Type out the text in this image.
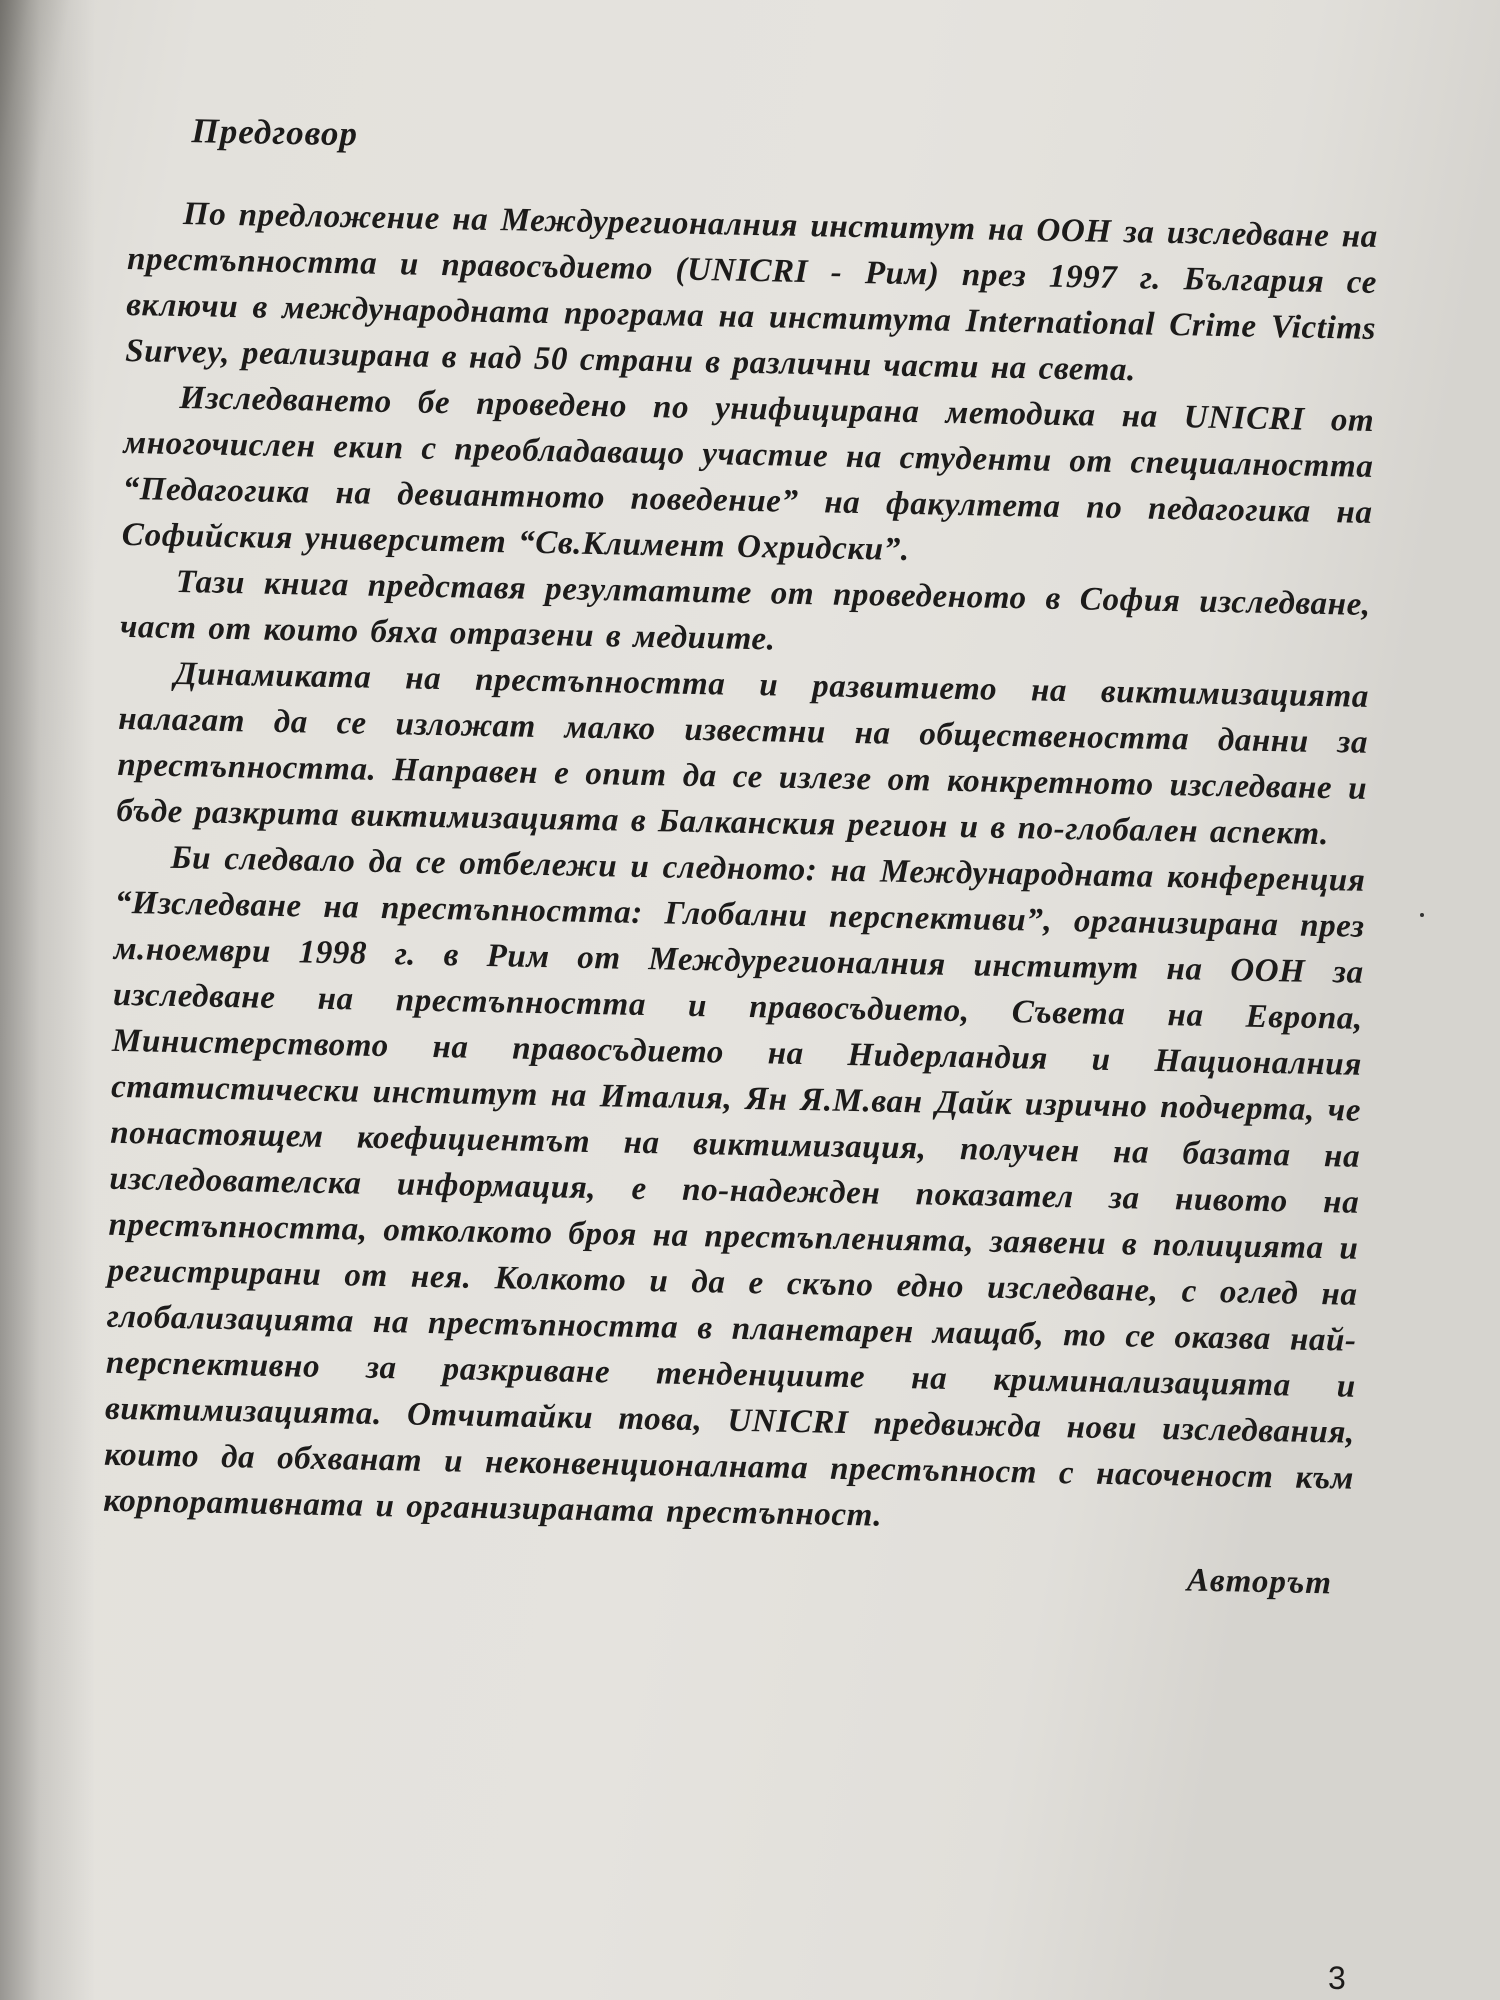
Предговор

По предложение на Междурегионалния институт на ООН за изследване на престъпността и правосъдието (UNICRI - Рим) през 1997 г. България се включи в международната програма на института International Crime Victims Survey, реализирана в над 50 страни в различни части на света.

Изследването бе проведено по унифицирана методика на UNICRI от многочислен екип с преобладаващо участие на студенти от специалността “Педагогика на девиантното поведение” на факултета по педагогика на Софийския университет “Св.Климент Охридски”.

Тази книга представя резултатите от проведеното в София изследване, част от които бяха отразени в медиите.

Динамиката на престъпността и развитието на виктимизацията налагат да се изложат малко известни на обществеността данни за престъпността. Направен е опит да се излезе от конкретното изследване и бъде разкрита виктимизацията в Балканския регион и в по-глобален аспект.

Би следвало да се отбележи и следното: на Международната конференция “Изследване на престъпността: Глобални перспективи”, организирана през м.ноември 1998 г. в Рим от Междурегионалния институт на ООН за изследване на престъпността и правосъдието, Съвета на Европа, Министерството на правосъдието на Нидерландия и Националния статистически институт на Италия, Ян Я.М.ван Дайк изрично подчерта, че понастоящем коефициентът на виктимизация, получен на базата на изследователска информация, е по-надежден показател за нивото на престъпността, отколкото броя на престъпленията, заявени в полицията и регистрирани от нея. Колкото и да е скъпо едно изследване, с оглед на глобализацията на престъпността в планетарен мащаб, то се оказва най-перспективно за разкриване тенденциите на криминализацията и виктимизацията. Отчитайки това, UNICRI предвижда нови изследвания, които да обхванат и неконвенционалната престъпност с насоченост към корпоративната и организираната престъпност.

Авторът
3
